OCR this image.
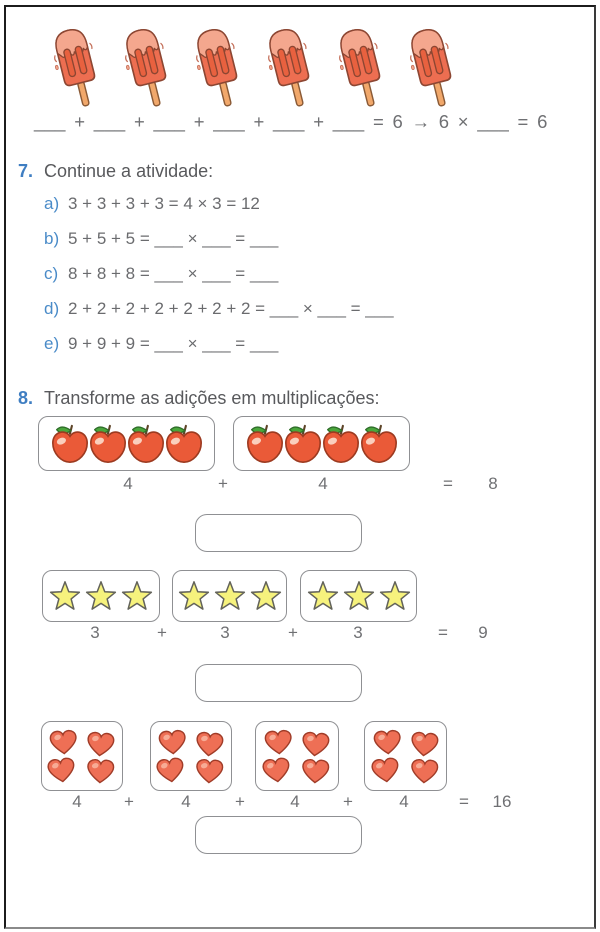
___ + ___ + ___ + ___ + ___ + ___ = 6 → 6 × ___ = 6
7. Continue a atividade:
a) 3 + 3 + 3 + 3 = 4 × 3 = 12
b) 5 + 5 + 5 = ___ × ___ = ___
c) 8 + 8 + 8 = ___ × ___ = ___
d) 2 + 2 + 2 + 2 + 2 + 2 + 2 = ___ × ___ = ___
e) 9 + 9 + 9 = ___ × ___ = ___
8. Transforme as adições em multiplicações:
4	+	4	= 8
3	+	3	+	3	= 9
4 +	4	+	4	+	4	= 16
